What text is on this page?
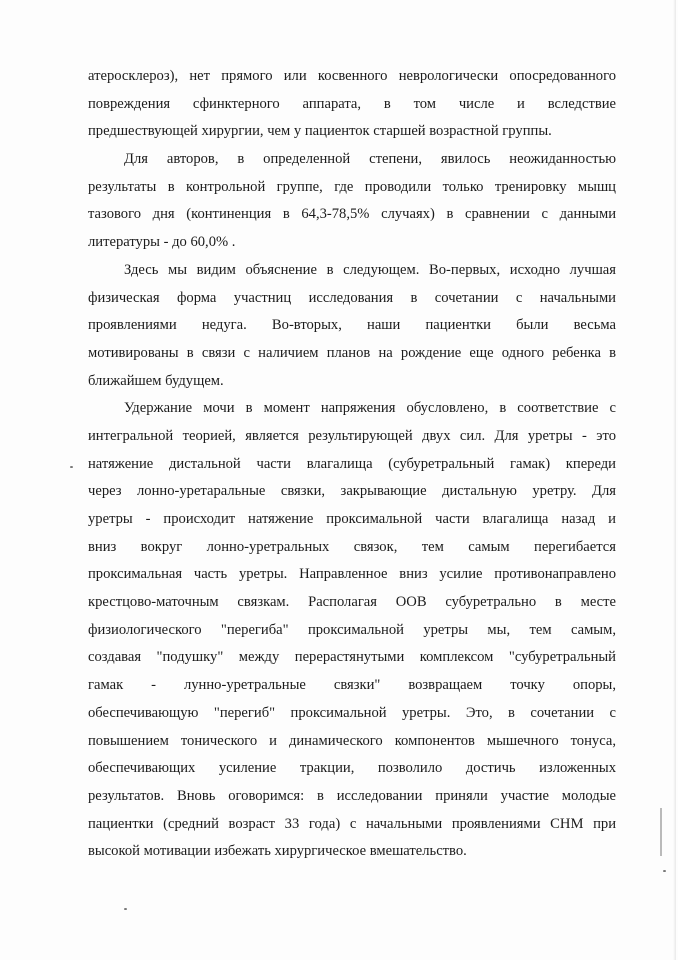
атеросклероз), нет прямого или косвенного неврологически опосредованного
повреждения сфинктерного аппарата, в том числе и вследствие
предшествующей хирургии, чем у пациенток старшей возрастной группы.
Для авторов, в определенной степени, явилось неожиданностью
результаты в контрольной группе, где проводили только тренировку мышц
тазового дня (континенция в 64,3-78,5% случаях) в сравнении с данными
литературы - до 60,0% .
Здесь мы видим объяснение в следующем. Во-первых, исходно лучшая
физическая форма участниц исследования в сочетании с начальными
проявлениями недуга. Во-вторых, наши пациентки были весьма
мотивированы в связи с наличием планов на рождение еще одного ребенка в
ближайшем будущем.
Удержание мочи в момент напряжения обусловлено, в соответствие с
интегральной теорией, является результирующей двух сил. Для уретры - это
натяжение дистальной части влагалища (субуретральный гамак) кпереди
через лонно-уретаральные связки, закрывающие дистальную уретру. Для
уретры - происходит натяжение проксимальной части влагалища назад и
вниз вокруг лонно-уретральных связок, тем самым перегибается
проксимальная часть уретры. Направленное вниз усилие противонаправлено
крестцово-маточным связкам. Располагая ООВ субуретрально в месте
физиологического "перегиба" проксимальной уретры мы, тем самым,
создавая "подушку" между перерастянутыми комплексом "субуретральный
гамак - лунно-уретральные связки" возвращаем точку опоры,
обеспечивающую "перегиб" проксимальной уретры. Это, в сочетании с
повышением тонического и динамического компонентов мышечного тонуса,
обеспечивающих усиление тракции, позволило достичь изложенных
результатов. Вновь оговоримся: в исследовании приняли участие молодые
пациентки (средний возраст 33 года) с начальными проявлениями СНМ при
высокой мотивации избежать хирургическое вмешательство.
